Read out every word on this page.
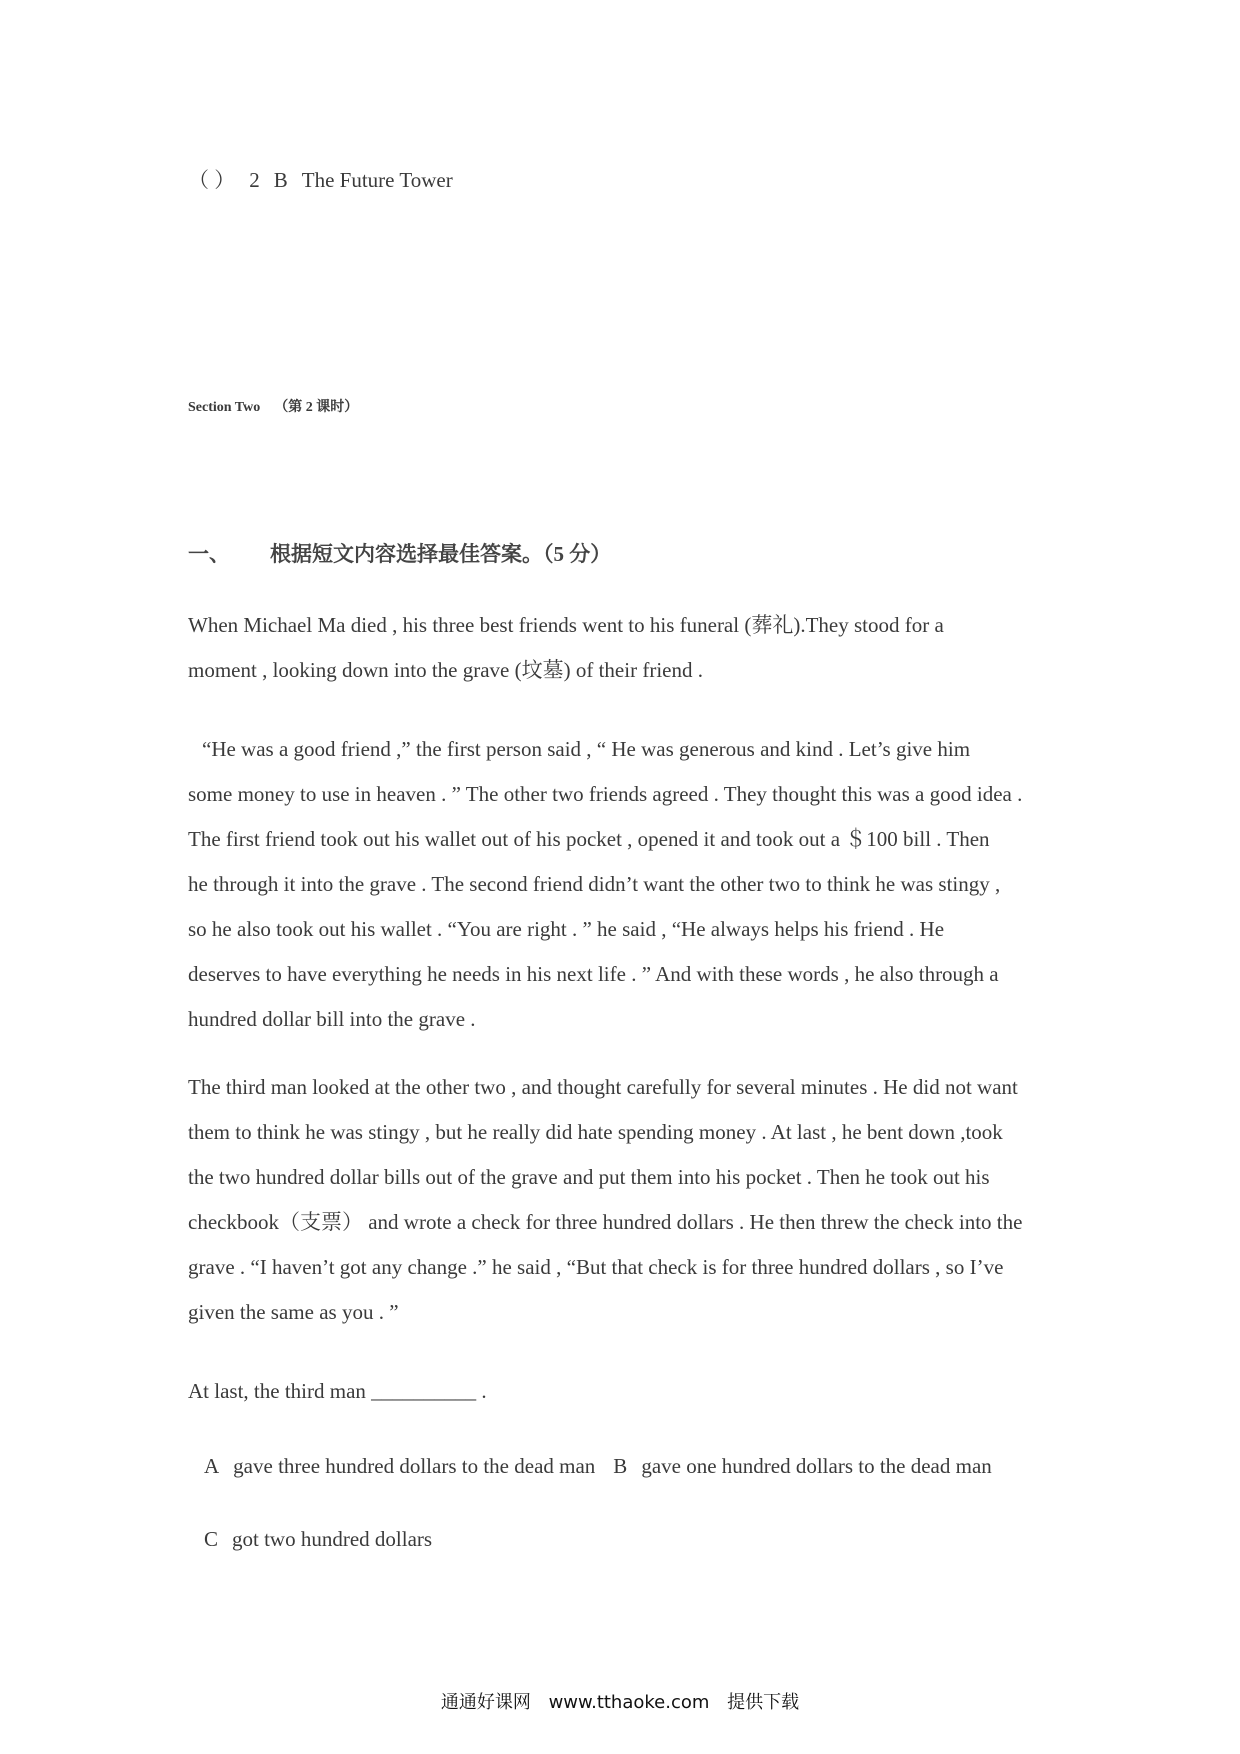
（ ） 2 B The Future Tower
Section Two （第 2 课时）
一、 根据短文内容选择最佳答案。（5 分）
When Michael Ma died , his three best friends went to his funeral (葬礼).They stood for a
moment , looking down into the grave (坟墓) of their friend .
“He was a good friend ,” the first person said , “ He was generous and kind . Let’s give him
some money to use in heaven . ” The other two friends agreed . They thought this was a good idea .
The first friend took out his wallet out of his pocket , opened it and took out a ＄100 bill . Then
he through it into the grave . The second friend didn’t want the other two to think he was stingy ,
so he also took out his wallet . “You are right . ” he said , “He always helps his friend . He
deserves to have everything he needs in his next life . ” And with these words , he also through a
hundred dollar bill into the grave .
The third man looked at the other two , and thought carefully for several minutes . He did not want
them to think he was stingy , but he really did hate spending money . At last , he bent down ,took
the two hundred dollar bills out of the grave and put them into his pocket . Then he took out his
checkbook（支票） and wrote a check for three hundred dollars . He then threw the check into the
grave . “I haven’t got any change .” he said , “But that check is for three hundred dollars , so I’ve
given the same as you . ”
At last, the third man __________ .
A gave three hundred dollars to the dead man B gave one hundred dollars to the dead man
C got two hundred dollars
通通好课网 www.tthaoke.com 提供下载
